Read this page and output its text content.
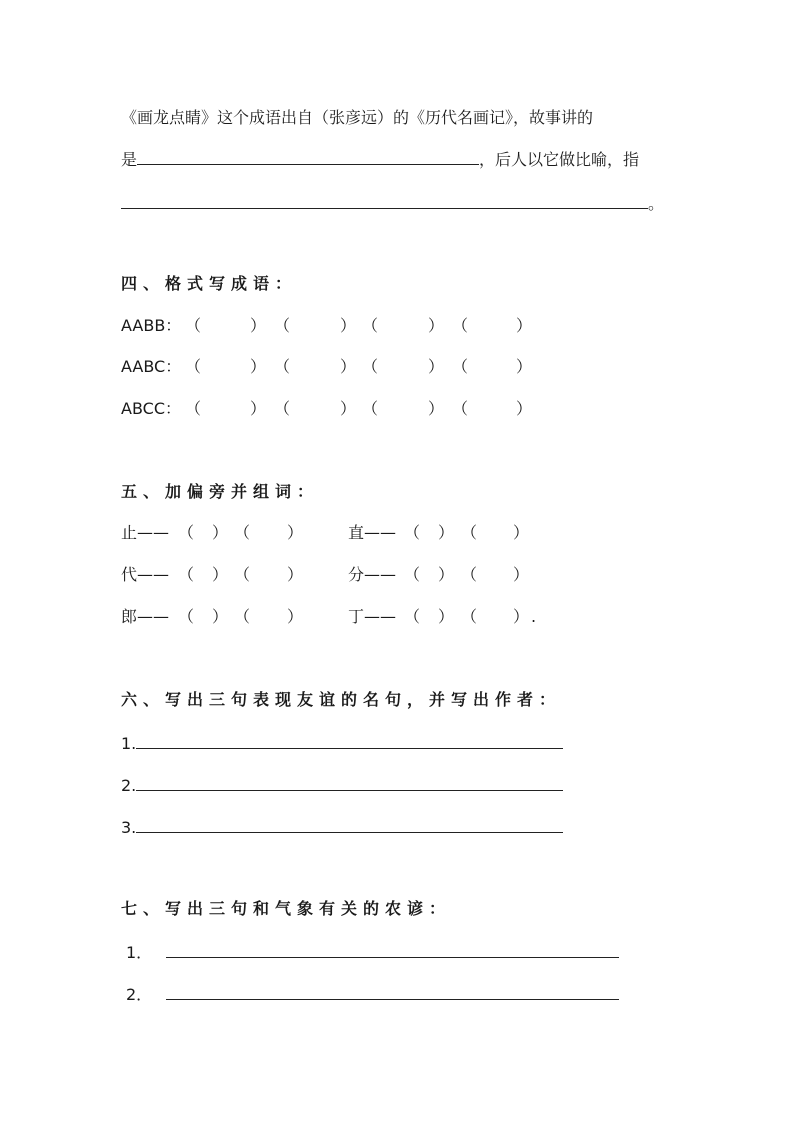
《画龙点睛》这个成语出自（张彦远）的《历代名画记》，故事讲的
是	，后人以它做比喻，指
。
四、格式写成语：
AABB： （	） （	） （	） （	）
AABC： （	） （	） （	） （	）
ABCC： （	） （	） （	） （	）
五、加偏旁并组词：
止—— （ ） （ ）	直—— （ ） （ ）
代—— （ ） （ ）	分—— （ ） （ ）
郎—— （ ） （ ）	丁—— （ ） （ ） .
六、写出三句表现友谊的名句，并写出作者：
1.
2.
3.
七、写出三句和气象有关的农谚：
1．
2．
